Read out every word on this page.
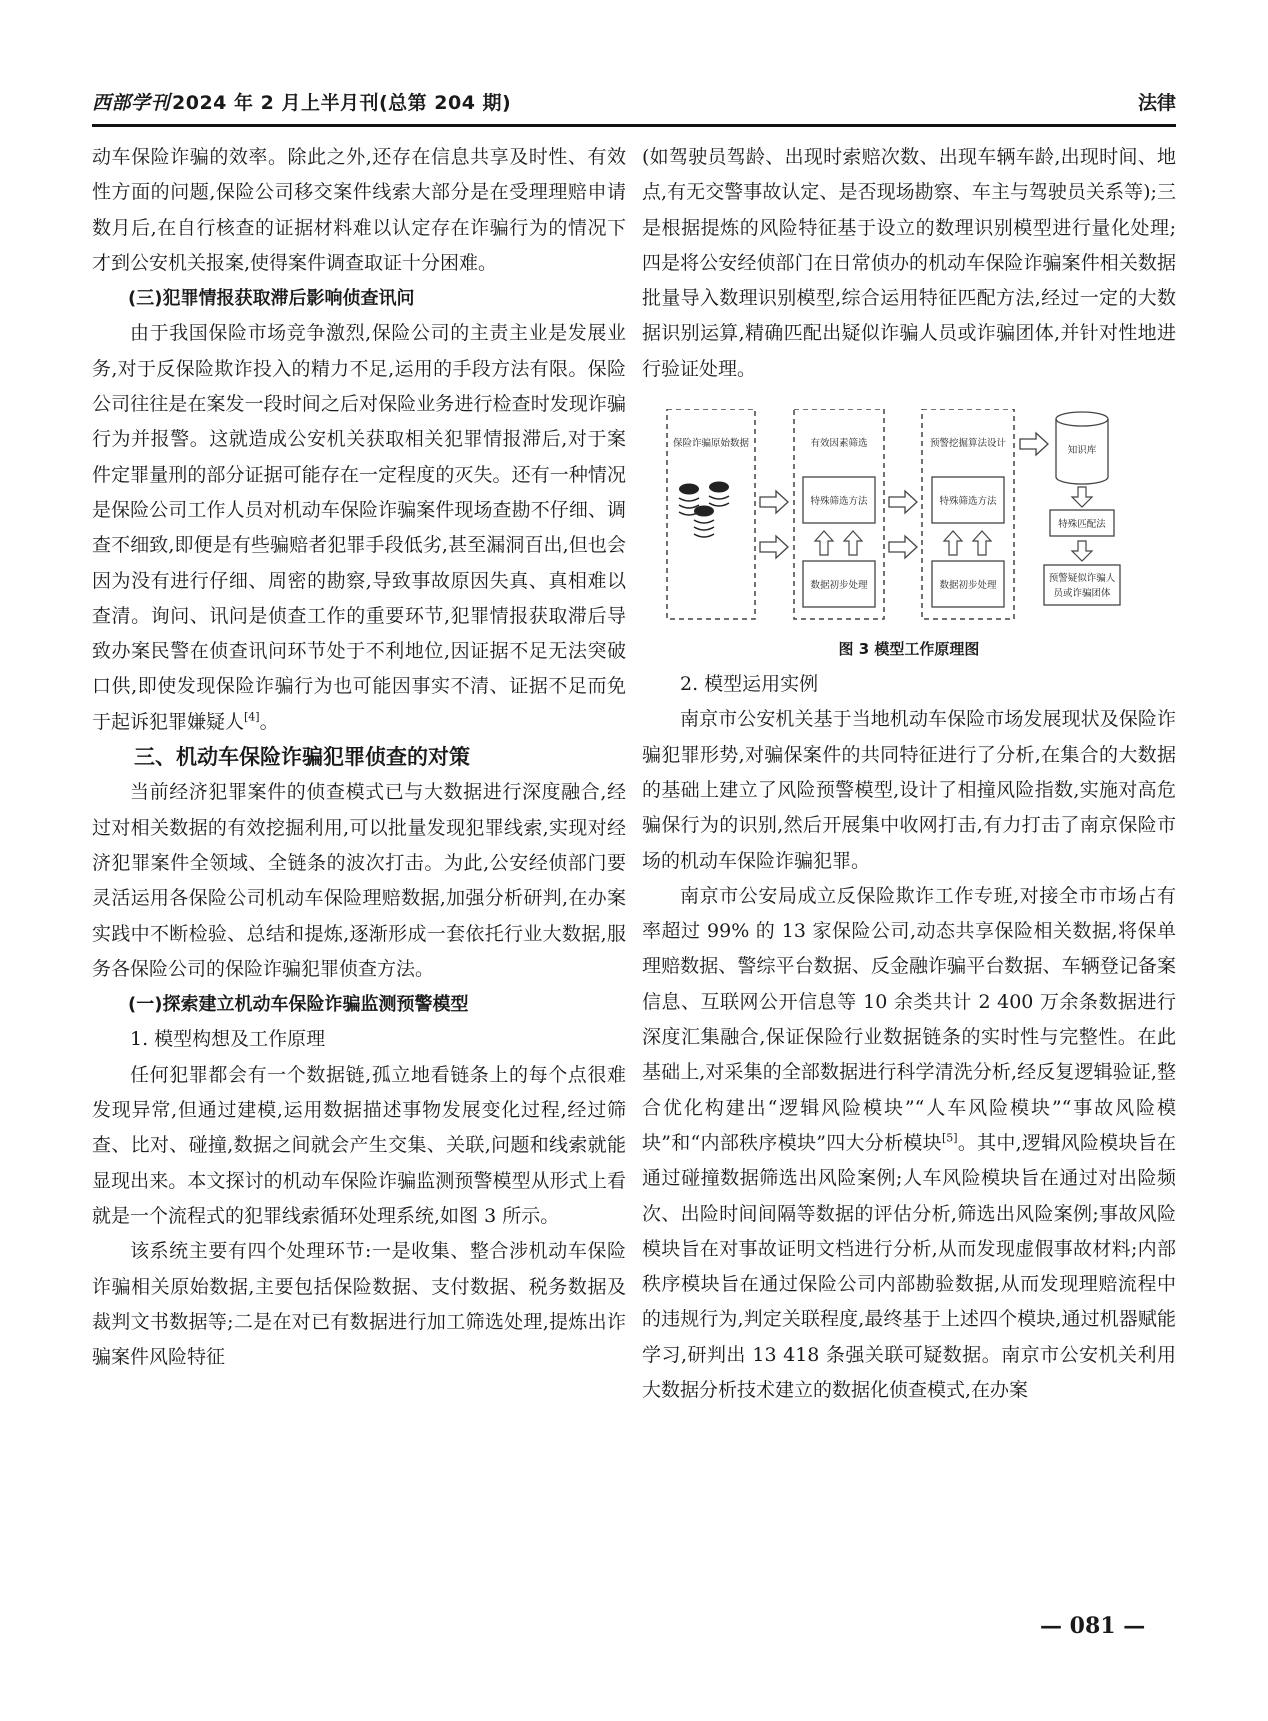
西部学刊 2024 年 2 月上半月刊(总第 204 期)	法律

动车保险诈骗的效率。除此之外,还存在信息共享及时性、有效性方面的问题,保险公司移交案件线索大部分是在受理理赔申请数月后,在自行核查的证据材料难以认定存在诈骗行为的情况下才到公安机关报案,使得案件调查取证十分困难。

(三)犯罪情报获取滞后影响侦查讯问

由于我国保险市场竞争激烈,保险公司的主责主业是发展业务,对于反保险欺诈投入的精力不足,运用的手段方法有限。保险公司往往是在案发一段时间之后对保险业务进行检查时发现诈骗行为并报警。这就造成公安机关获取相关犯罪情报滞后,对于案件定罪量刑的部分证据可能存在一定程度的灭失。还有一种情况是保险公司工作人员对机动车保险诈骗案件现场查勘不仔细、调查不细致,即便是有些骗赔者犯罪手段低劣,甚至漏洞百出,但也会因为没有进行仔细、周密的勘察,导致事故原因失真、真相难以查清。询问、讯问是侦查工作的重要环节,犯罪情报获取滞后导致办案民警在侦查讯问环节处于不利地位,因证据不足无法突破口供,即使发现保险诈骗行为也可能因事实不清、证据不足而免于起诉犯罪嫌疑人[4]。

三、机动车保险诈骗犯罪侦查的对策

当前经济犯罪案件的侦查模式已与大数据进行深度融合,经过对相关数据的有效挖掘利用,可以批量发现犯罪线索,实现对经济犯罪案件全领域、全链条的波次打击。为此,公安经侦部门要灵活运用各保险公司机动车保险理赔数据,加强分析研判,在办案实践中不断检验、总结和提炼,逐渐形成一套依托行业大数据,服务各保险公司的保险诈骗犯罪侦查方法。

(一)探索建立机动车保险诈骗监测预警模型

1. 模型构想及工作原理

任何犯罪都会有一个数据链,孤立地看链条上的每个点很难发现异常,但通过建模,运用数据描述事物发展变化过程,经过筛查、比对、碰撞,数据之间就会产生交集、关联,问题和线索就能显现出来。本文探讨的机动车保险诈骗监测预警模型从形式上看就是一个流程式的犯罪线索循环处理系统,如图 3 所示。

该系统主要有四个处理环节:一是收集、整合涉机动车保险诈骗相关原始数据,主要包括保险数据、支付数据、税务数据及裁判文书数据等;二是在对已有数据进行加工筛选处理,提炼出诈骗案件风险特征

(如驾驶员驾龄、出现时索赔次数、出现车辆车龄,出现时间、地点,有无交警事故认定、是否现场勘察、车主与驾驶员关系等);三是根据提炼的风险特征基于设立的数理识别模型进行量化处理;四是将公安经侦部门在日常侦办的机动车保险诈骗案件相关数据批量导入数理识别模型,综合运用特征匹配方法,经过一定的大数据识别运算,精确匹配出疑似诈骗人员或诈骗团体,并针对性地进行验证处理。

保险诈骗原始数据	有效因素筛选
特殊筛选方法
数据初步处理
预警挖掘算法设计
特殊筛选方法
数据初步处理
知识库
特殊匹配法
预警疑似诈骗人
员或诈骗团体

图 3 模型工作原理图

2. 模型运用实例

南京市公安机关基于当地机动车保险市场发展现状及保险诈骗犯罪形势,对骗保案件的共同特征进行了分析,在集合的大数据的基础上建立了风险预警模型,设计了相撞风险指数,实施对高危骗保行为的识别,然后开展集中收网打击,有力打击了南京保险市场的机动车保险诈骗犯罪。

南京市公安局成立反保险欺诈工作专班,对接全市市场占有率超过 99% 的 13 家保险公司,动态共享保险相关数据,将保单理赔数据、警综平台数据、反金融诈骗平台数据、车辆登记备案信息、互联网公开信息等 10 余类共计 2 400 万余条数据进行深度汇集融合,保证保险行业数据链条的实时性与完整性。在此基础上,对采集的全部数据进行科学清洗分析,经反复逻辑验证,整合优化构建出“逻辑风险模块”“人车风险模块”“事故风险模块”和“内部秩序模块”四大分析模块[5]。其中,逻辑风险模块旨在通过碰撞数据筛选出风险案例;人车风险模块旨在通过对出险频次、出险时间间隔等数据的评估分析,筛选出风险案例;事故风险模块旨在对事故证明文档进行分析,从而发现虚假事故材料;内部秩序模块旨在通过保险公司内部勘验数据,从而发现理赔流程中的违规行为,判定关联程度,最终基于上述四个模块,通过机器赋能学习,研判出 13 418 条强关联可疑数据。南京市公安机关利用大数据分析技术建立的数据化侦查模式,在办案

— 081 —
